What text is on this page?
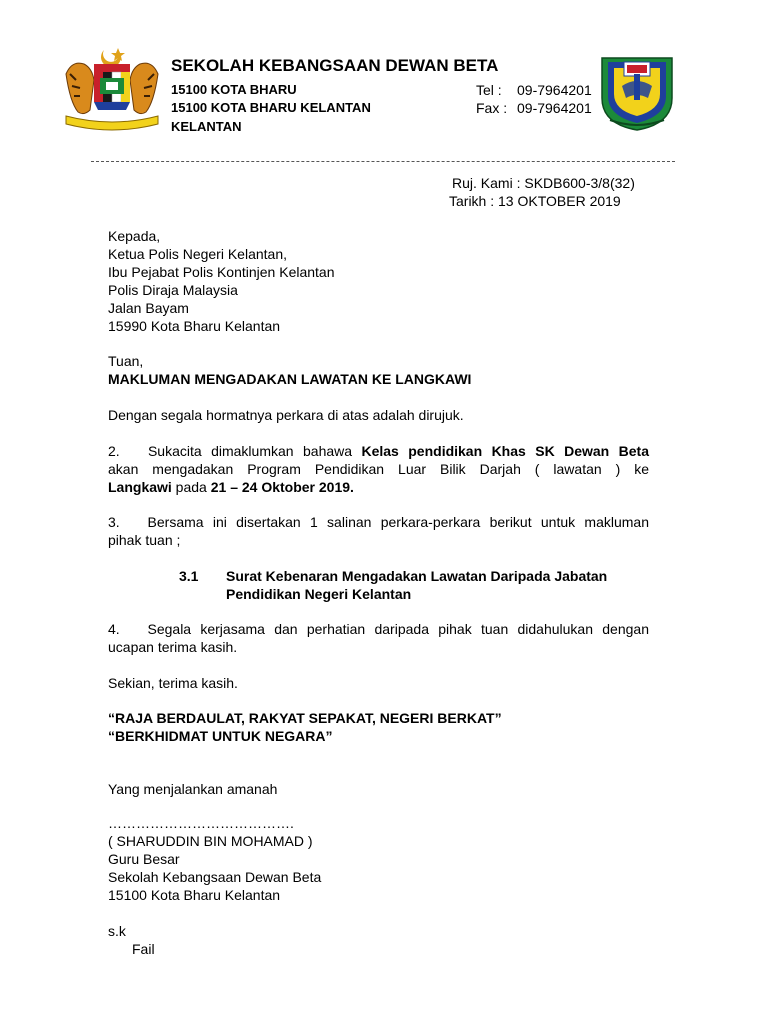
SEKOLAH KEBANGSAAN DEWAN BETA
15100 KOTA BHARU
15100 KOTA BHARU KELANTAN
KELANTAN
Tel : 09-7964201
Fax : 09-7964201
Ruj. Kami : SKDB600-3/8(32)
Tarikh : 13 OKTOBER 2019
Kepada,
Ketua Polis Negeri Kelantan,
Ibu Pejabat Polis Kontinjen Kelantan
Polis Diraja Malaysia
Jalan Bayam
15990 Kota Bharu Kelantan
Tuan,
MAKLUMAN MENGADAKAN LAWATAN KE LANGKAWI
Dengan segala hormatnya perkara di atas adalah dirujuk.
2. Sukacita dimaklumkan bahawa Kelas pendidikan Khas SK Dewan Beta
akan mengadakan Program Pendidikan Luar Bilik Darjah ( lawatan ) ke
Langkawi pada 21 – 24 Oktober 2019.
3. Bersama ini disertakan 1 salinan perkara-perkara berikut untuk makluman
pihak tuan ;
3.1 Surat Kebenaran Mengadakan Lawatan Daripada Jabatan
Pendidikan Negeri Kelantan
4. Segala kerjasama dan perhatian daripada pihak tuan didahulukan dengan
ucapan terima kasih.
Sekian, terima kasih.
“RAJA BERDAULAT, RAKYAT SEPAKAT, NEGERI BERKAT”
“BERKHIDMAT UNTUK NEGARA”
Yang menjalankan amanah
………………………………….
( SHARUDDIN BIN MOHAMAD )
Guru Besar
Sekolah Kebangsaan Dewan Beta
15100 Kota Bharu Kelantan
s.k
Fail
